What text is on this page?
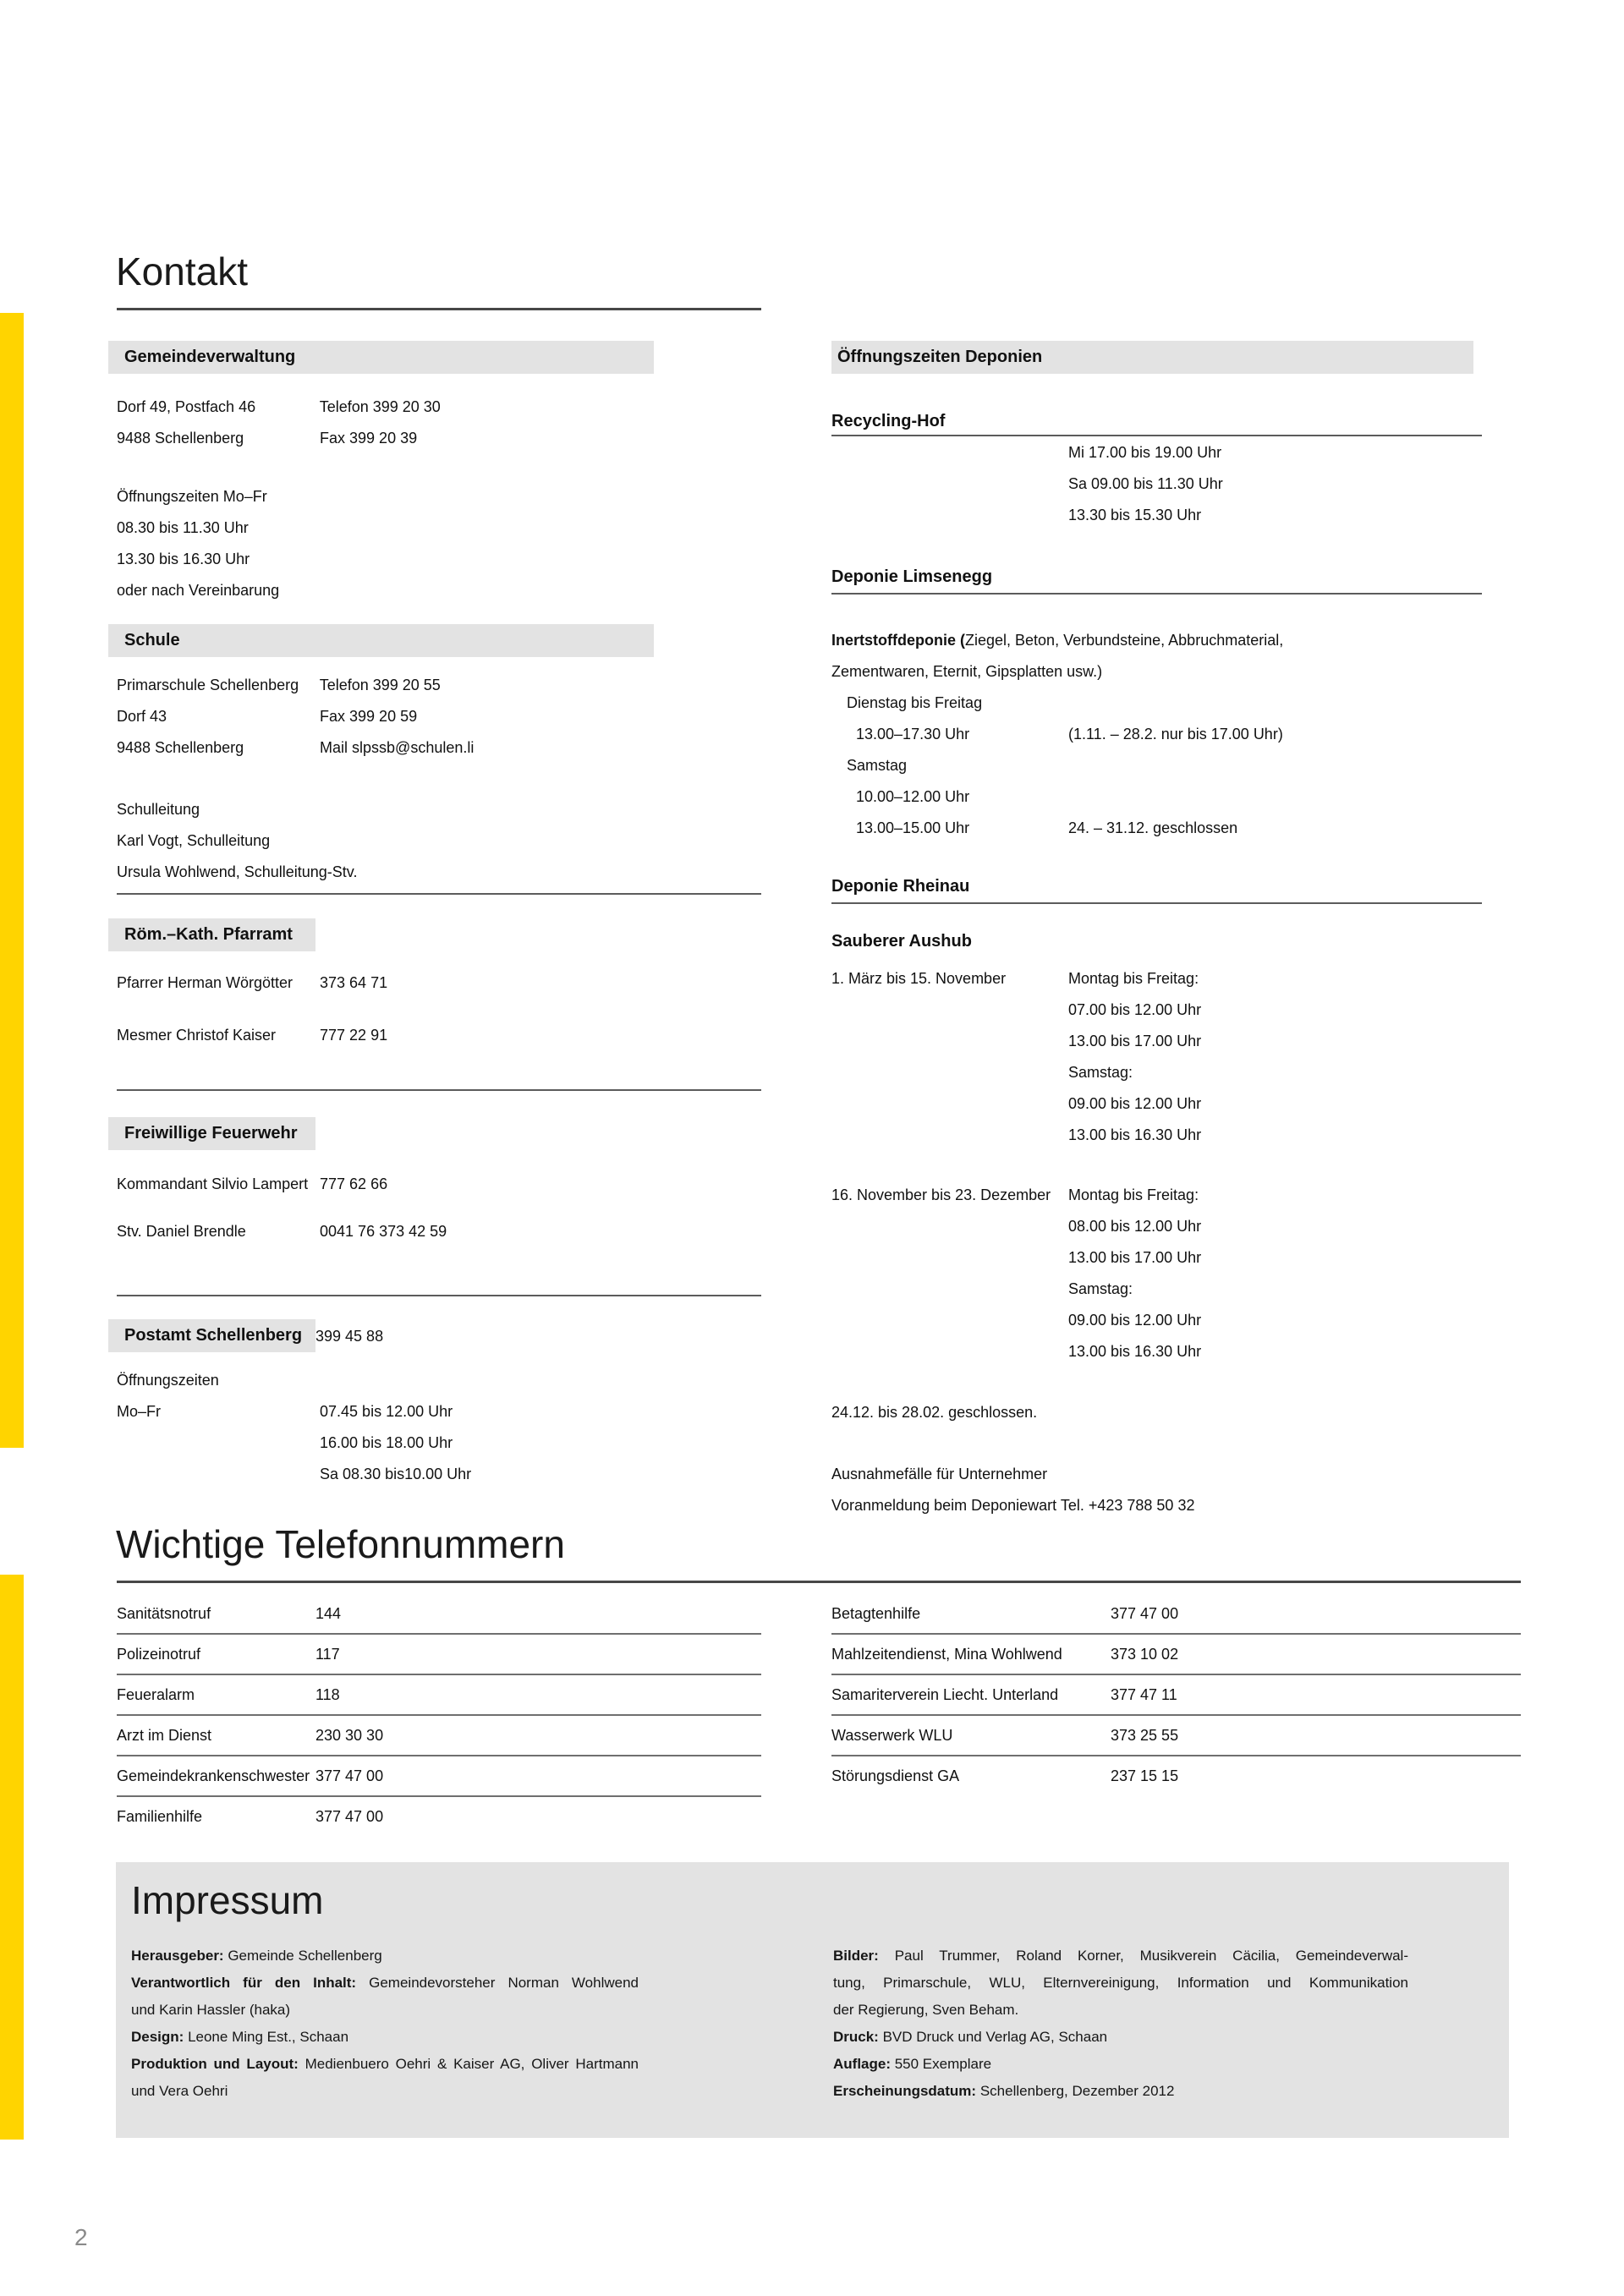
Kontakt
Gemeindeverwaltung
Dorf 49, Postfach 46	Telefon 399 20 30
9488 Schellenberg	Fax 399 20 39
Öffnungszeiten Mo–Fr
08.30 bis 11.30 Uhr
13.30 bis 16.30 Uhr
oder nach Vereinbarung
Schule
Primarschule Schellenberg Telefon 399 20 55
Dorf 43	Fax 399 20 59
9488 Schellenberg	Mail slpssb@schulen.li
Schulleitung
Karl Vogt, Schulleitung
Ursula Wohlwend, Schulleitung-Stv.
Röm.–Kath. Pfarramt
Pfarrer Herman Wörgötter 373 64 71
Mesmer Christof Kaiser	777 22 91
Freiwillige Feuerwehr
Kommandant Silvio Lampert 777 62 66
Stv. Daniel Brendle	0041 76 373 42 59
Postamt Schellenberg 399 45 88
Öffnungszeiten
Mo–Fr	07.45 bis 12.00 Uhr
16.00 bis 18.00 Uhr
Sa 08.30 bis10.00 Uhr
Öffnungszeiten Deponien
Recycling-Hof
Mi 17.00 bis 19.00 Uhr
Sa 09.00 bis 11.30 Uhr
13.30 bis 15.30 Uhr
Deponie Limsenegg
Inertstoffdeponie (Ziegel, Beton, Verbundsteine, Abbruchmaterial,
Zementwaren, Eternit, Gipsplatten usw.)
Dienstag bis Freitag
13.00–17.30 Uhr	(1.11. – 28.2. nur bis 17.00 Uhr)
Samstag
10.00–12.00 Uhr
13.00–15.00 Uhr	24. – 31.12. geschlossen
Deponie Rheinau
Sauberer Aushub
1. März bis 15. November	Montag bis Freitag:
07.00 bis 12.00 Uhr
13.00 bis 17.00 Uhr
Samstag:
09.00 bis 12.00 Uhr
13.00 bis 16.30 Uhr
16. November bis 23. Dezember Montag bis Freitag:
08.00 bis 12.00 Uhr
13.00 bis 17.00 Uhr
Samstag:
09.00 bis 12.00 Uhr
13.00 bis 16.30 Uhr
24.12. bis 28.02. geschlossen.
Ausnahmefälle für Unternehmer
Voranmeldung beim Deponiewart Tel. +423 788 50 32
Wichtige Telefonnummern
Sanitätsnotruf	144
Polizeinotruf	117
Feueralarm	118
Arzt im Dienst	230 30 30
Gemeindekrankenschwester 377 47 00
Familienhilfe	377 47 00
Betagtenhilfe	377 47 00
Mahlzeitendienst, Mina Wohlwend	373 10 02
Samariterverein Liecht. Unterland	377 47 11
Wasserwerk WLU	373 25 55
Störungsdienst GA	237 15 15
Impressum
Herausgeber: Gemeinde Schellenberg
Verantwortlich für den Inhalt: Gemeindevorsteher Norman Wohlwend
und Karin Hassler (haka)
Design: Leone Ming Est., Schaan
Produktion und Layout: Medienbuero Oehri & Kaiser AG, Oliver Hartmann
und Vera Oehri
Bilder: Paul Trummer, Roland Korner, Musikverein Cäcilia, Gemeindeverwal-
tung, Primarschule, WLU, Elternvereinigung, Information und Kommunikation
der Regierung, Sven Beham.
Druck: BVD Druck und Verlag AG, Schaan
Auflage: 550 Exemplare
Erscheinungsdatum: Schellenberg, Dezember 2012
2
